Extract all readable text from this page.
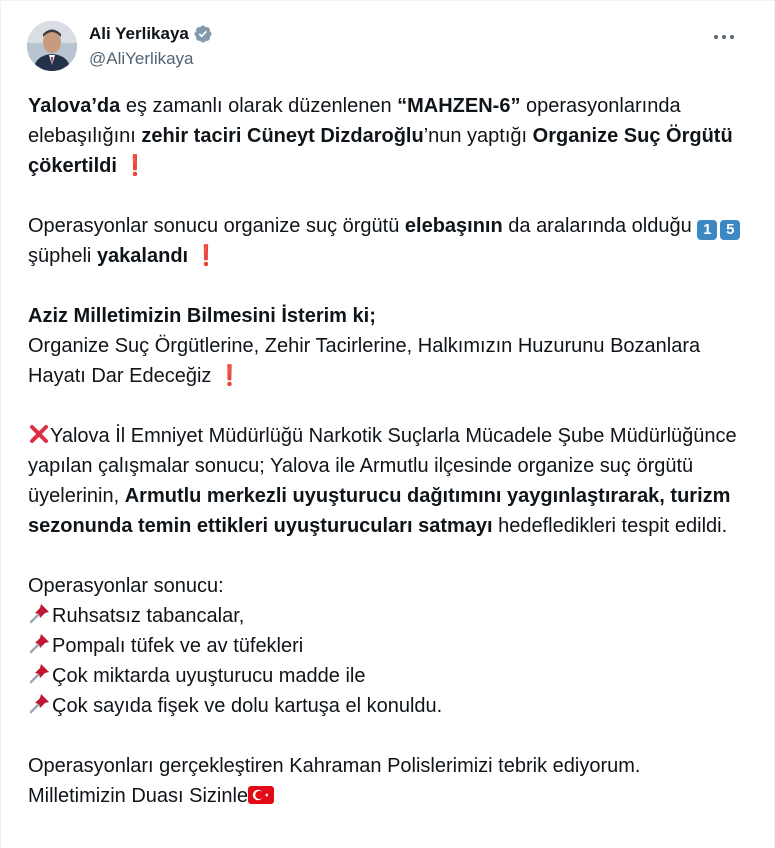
Ali Yerlikaya
@AliYerlikaya

Yalova’da eş zamanlı olarak düzenlenen “MAHZEN-6” operasyonlarında elebaşılığını zehir taciri Cüneyt Dizdaroğlu’nun yaptığı Organize Suç Örgütü çökertildi ❗

Operasyonlar sonucu organize suç örgütü elebaşının da aralarında olduğu 1 5 şüpheli yakalandı ❗

Aziz Milletimizin Bilmesini İsterim ki;
Organize Suç Örgütlerine, Zehir Tacirlerine, Halkımızın Huzurunu Bozanlara Hayatı Dar Edeceğiz ❗

Yalova İl Emniyet Müdürlüğü Narkotik Suçlarla Mücadele Şube Müdürlüğünce yapılan çalışmalar sonucu; Yalova ile Armutlu ilçesinde organize suç örgütü üyelerinin, Armutlu merkezli uyuşturucu dağıtımını yaygınlaştırarak, turizm sezonunda temin ettikleri uyuşturucuları satmayı hedefledikleri tespit edildi.

Operasyonlar sonucu:

Ruhsatsız tabancalar,

Pompalı tüfek ve av tüfekleri

Çok miktarda uyuşturucu madde ile

Çok sayıda fişek ve dolu kartuşa el konuldu.

Operasyonları gerçekleştiren Kahraman Polislerimizi tebrik ediyorum.
Milletimizin Duası Sizinle
